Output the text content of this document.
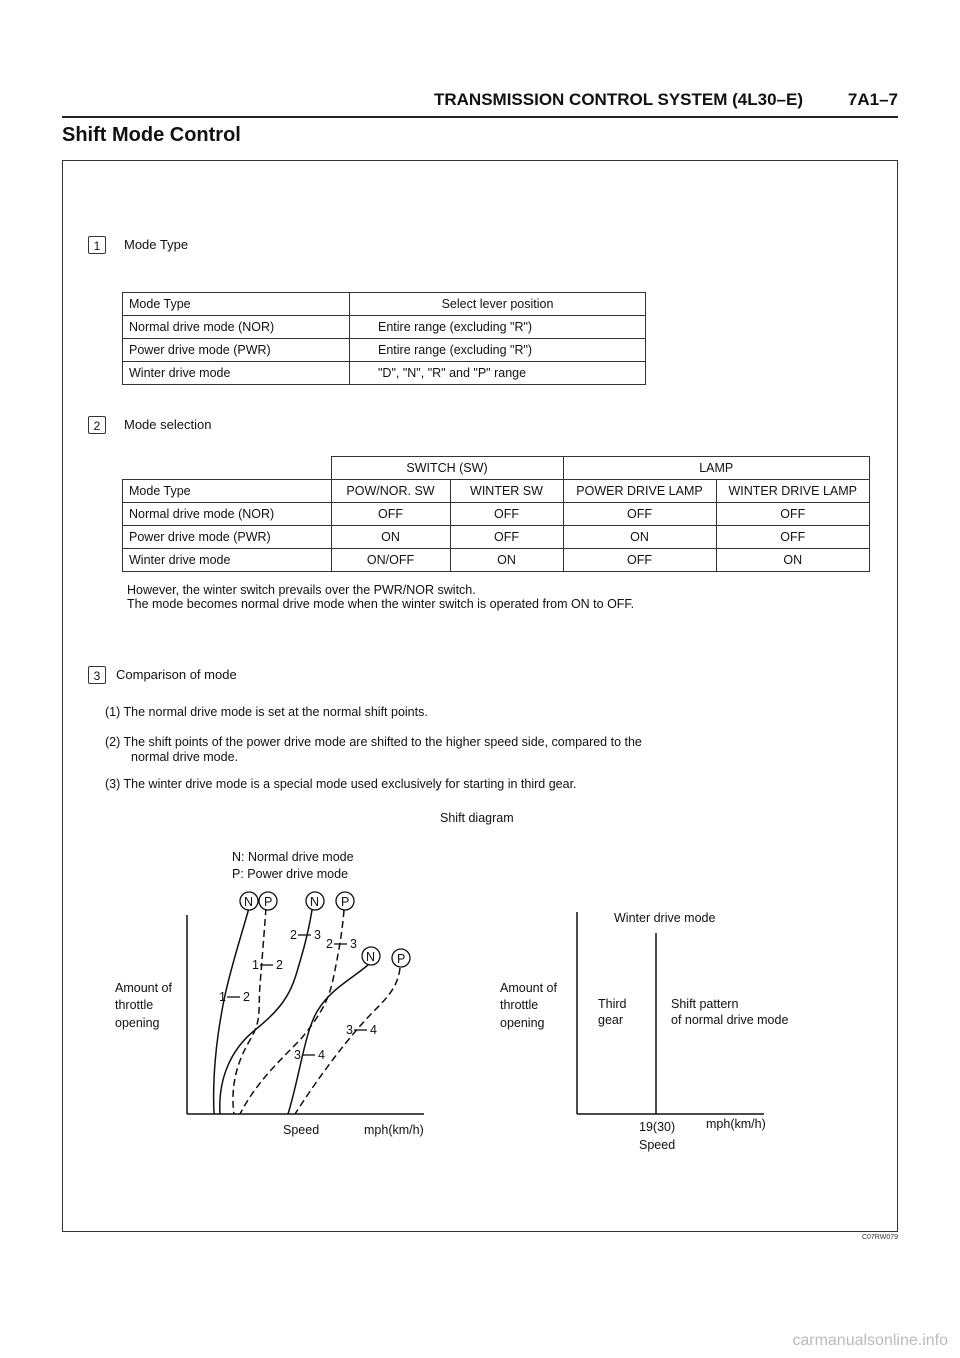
TRANSMISSION CONTROL SYSTEM (4L30–E)	7A1–7
Shift Mode Control
1	Mode Type
Mode Type	Select lever position
Normal drive mode (NOR)	Entire range (excluding "R")
Power drive mode (PWR)	Entire range (excluding "R")
Winter drive mode	"D", "N", "R" and "P" range
2	Mode selection
	SWITCH (SW)		LAMP	
Mode Type	POW/NOR. SW	WINTER SW	POWER DRIVE LAMP	WINTER DRIVE LAMP
Normal drive mode (NOR)	OFF	OFF	OFF	OFF
Power drive mode (PWR)	ON	OFF	ON	OFF
Winter drive mode	ON/OFF	ON	OFF	ON
However, the winter switch prevails over the PWR/NOR switch.
The mode becomes normal drive mode when the winter switch is operated from ON to OFF.
3	Comparison of mode
(1) The normal drive mode is set at the normal shift points.
(2) The shift points of the power drive mode are shifted to the higher speed side, compared to the
normal drive mode.
(3) The winter drive mode is a special mode used exclusively for starting in third gear.
Shift diagram
N: Normal drive mode
P: Power drive mode
Amount of
throttle
opening
Speed	mph(km/h)
N P	N P
N P
1 2
1 2
2 3
2 3
3 4
3 4
Winter drive mode
Amount of
throttle
opening
Third
gear
Shift pattern
of normal drive mode
19(30) mph(km/h)
Speed
C07RW079
carmanualsonline.info
